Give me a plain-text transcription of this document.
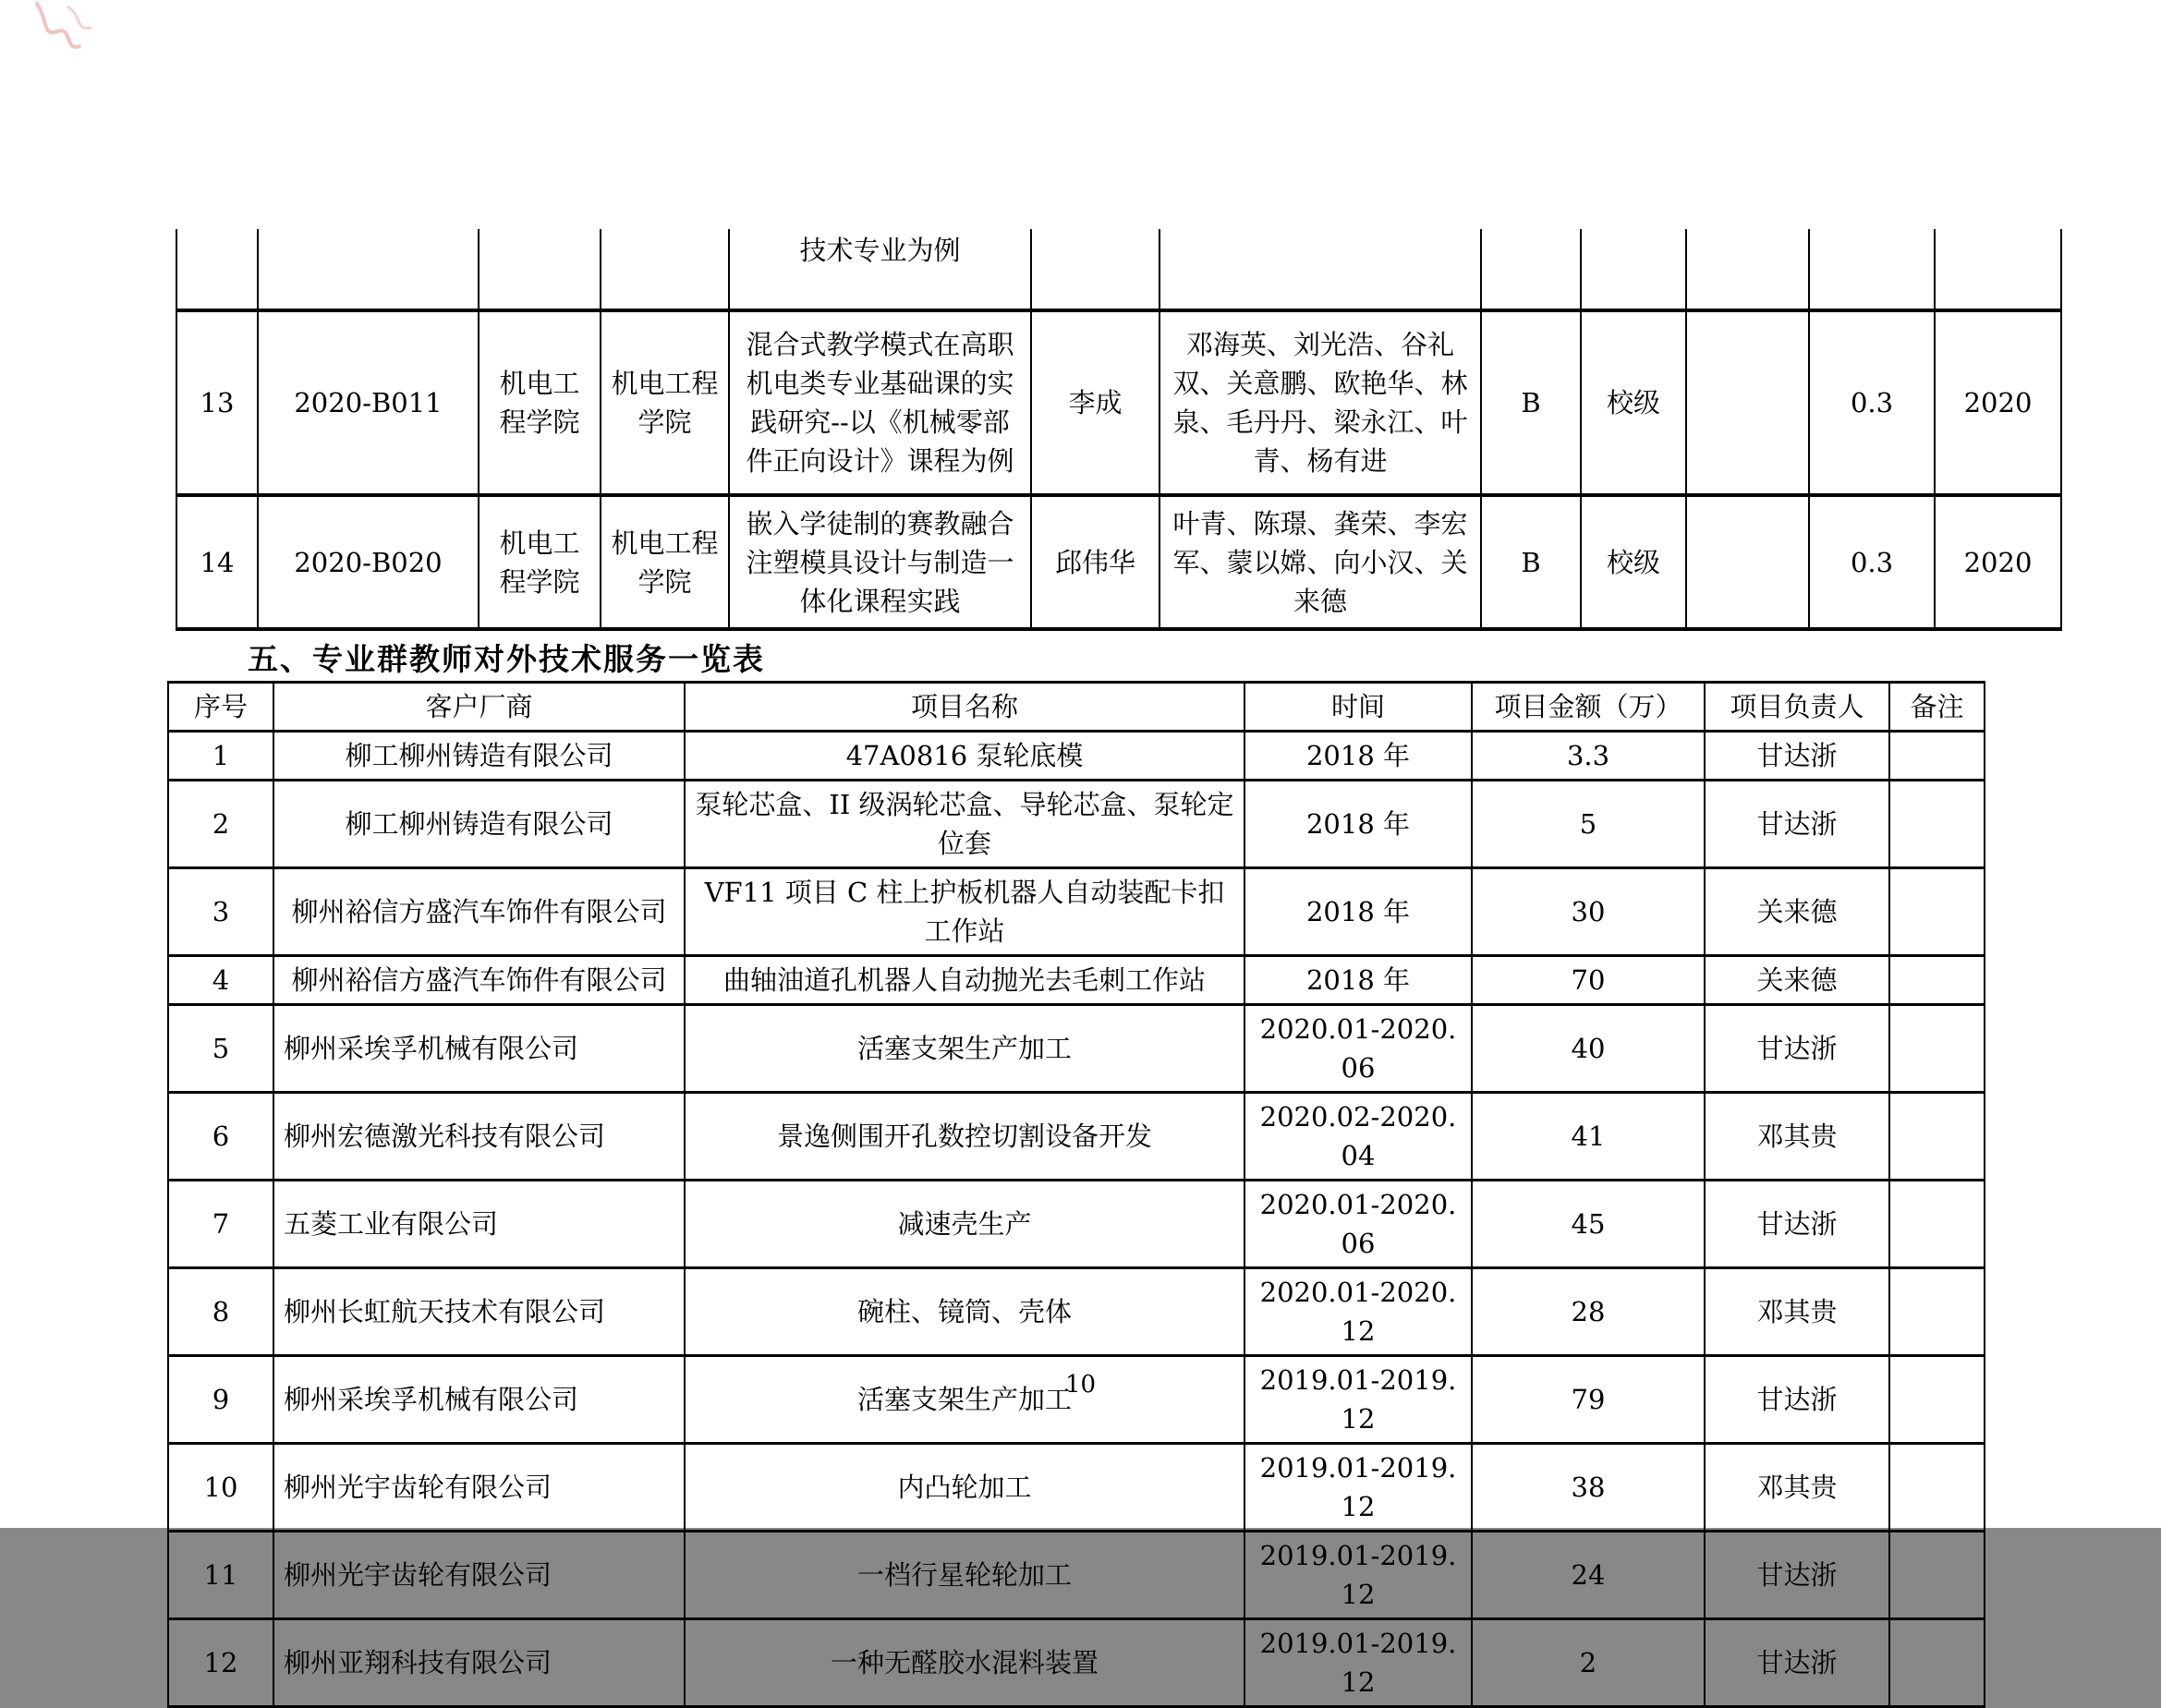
				技术专业为例							
13	2020-B011	机电工程学院	机电工程学院	混合式教学模式在高职机电类专业基础课的实践研究--以《机械零部件正向设计》课程为例	李成	邓海英、刘光浩、谷礼双、关意鹏、欧艳华、林泉、毛丹丹、梁永江、叶青、杨有进	B	校级		0.3	2020
14	2020-B020	机电工程学院	机电工程学院	嵌入学徒制的赛教融合注塑模具设计与制造一体化课程实践	邱伟华	叶青、陈璟、龚荣、李宏军、蒙以嫦、向小汉、关来德	B	校级		0.3	2020
五、专业群教师对外技术服务一览表
序号	客户厂商	项目名称	时间	项目金额（万）	项目负责人	备注
1	柳工柳州铸造有限公司	47A0816 泵轮底模	2018 年	3.3	甘达浙	
2	柳工柳州铸造有限公司	泵轮芯盒、II 级涡轮芯盒、导轮芯盒、泵轮定位套	2018 年	5	甘达浙	
3	柳州裕信方盛汽车饰件有限公司	VF11 项目 C 柱上护板机器人自动装配卡扣工作站	2018 年	30	关来德	
4	柳州裕信方盛汽车饰件有限公司	曲轴油道孔机器人自动抛光去毛刺工作站	2018 年	70	关来德	
5	柳州采埃孚机械有限公司	活塞支架生产加工	2020.01-2020.06	40	甘达浙	
6	柳州宏德激光科技有限公司	景逸侧围开孔数控切割设备开发	2020.02-2020.04	41	邓其贵	
7	五菱工业有限公司	减速壳生产	2020.01-2020.06	45	甘达浙	
8	柳州长虹航天技术有限公司	碗柱、镜筒、壳体	2020.01-2020.12	28	邓其贵	
9	柳州采埃孚机械有限公司	活塞支架生产加工	2019.01-2019.12	79	甘达浙	
10	柳州光宇齿轮有限公司	内凸轮加工	2019.01-2019.12	38	邓其贵	
11	柳州光宇齿轮有限公司	一档行星轮轮加工	2019.01-2019.12	24	甘达浙	
12	柳州亚翔科技有限公司	一种无醛胶水混料装置	2019.01-2019.12	2	甘达浙	
10
